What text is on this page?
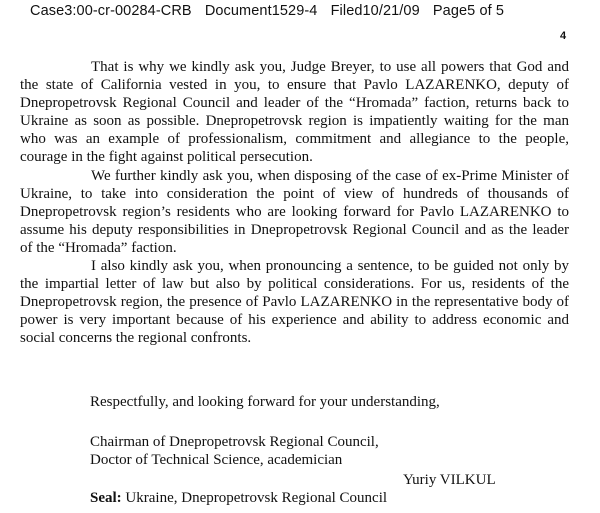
Case3:00-cr-00284-CRB Document1529-4 Filed10/21/09 Page5 of 5
4

That is why we kindly ask you, Judge Breyer, to use all powers that God and the state of California vested in you, to ensure that Pavlo LAZARENKO, deputy of Dnepropetrovsk Regional Council and leader of the “Hromada” faction, returns back to Ukraine as soon as possible. Dnepropetrovsk region is impatiently waiting for the man who was an example of professionalism, commitment and allegiance to the people, courage in the fight against political persecution.

We further kindly ask you, when disposing of the case of ex-Prime Minister of Ukraine, to take into consideration the point of view of hundreds of thousands of Dnepropetrovsk region’s residents who are looking forward for Pavlo LAZARENKO to assume his deputy responsibilities in Dnepropetrovsk Regional Council and as the leader of the “Hromada” faction.

I also kindly ask you, when pronouncing a sentence, to be guided not only by the impartial letter of law but also by political considerations. For us, residents of the Dnepropetrovsk region, the presence of Pavlo LAZARENKO in the representative body of power is very important because of his experience and ability to address economic and social concerns the regional confronts.

Respectfully, and looking forward for your understanding,
Chairman of Dnepropetrovsk Regional Council,
Doctor of Technical Science, academician
Yuriy VILKUL
Seal: Ukraine, Dnepropetrovsk Regional Council
